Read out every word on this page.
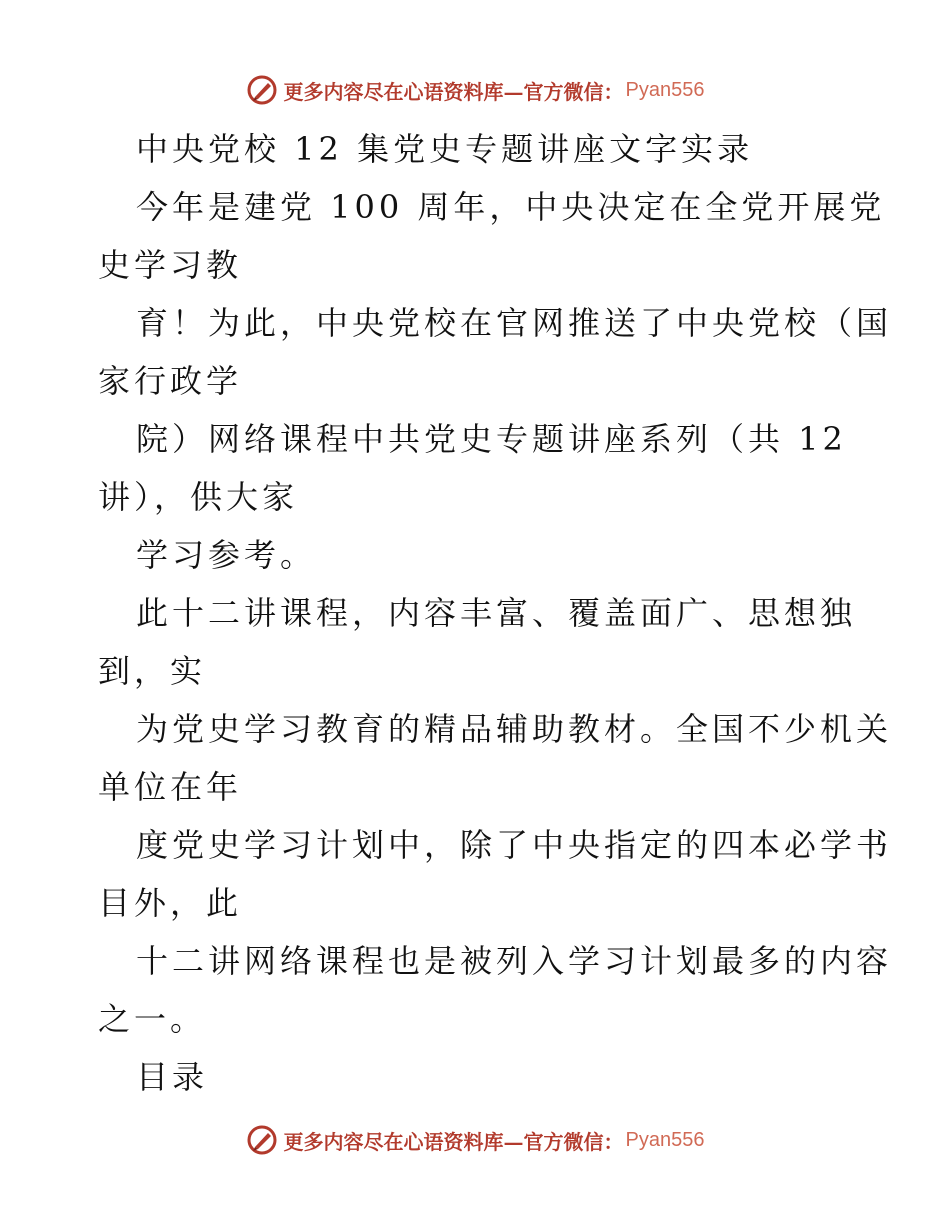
更多内容尽在心语资料库—官方微信： Pyan556
中央党校 12 集党史专题讲座文字实录
今年是建党 100 周年，中央决定在全党开展党
史学习教
育！为此，中央党校在官网推送了中央党校（国
家行政学
院）网络课程中共党史专题讲座系列（共 12
讲），供大家
学习参考。
此十二讲课程，内容丰富、覆盖面广、思想独
到，实
为党史学习教育的精品辅助教材。全国不少机关
单位在年
度党史学习计划中，除了中央指定的四本必学书
目外，此
十二讲网络课程也是被列入学习计划最多的内容
之一。
目录
更多内容尽在心语资料库—官方微信： Pyan556
